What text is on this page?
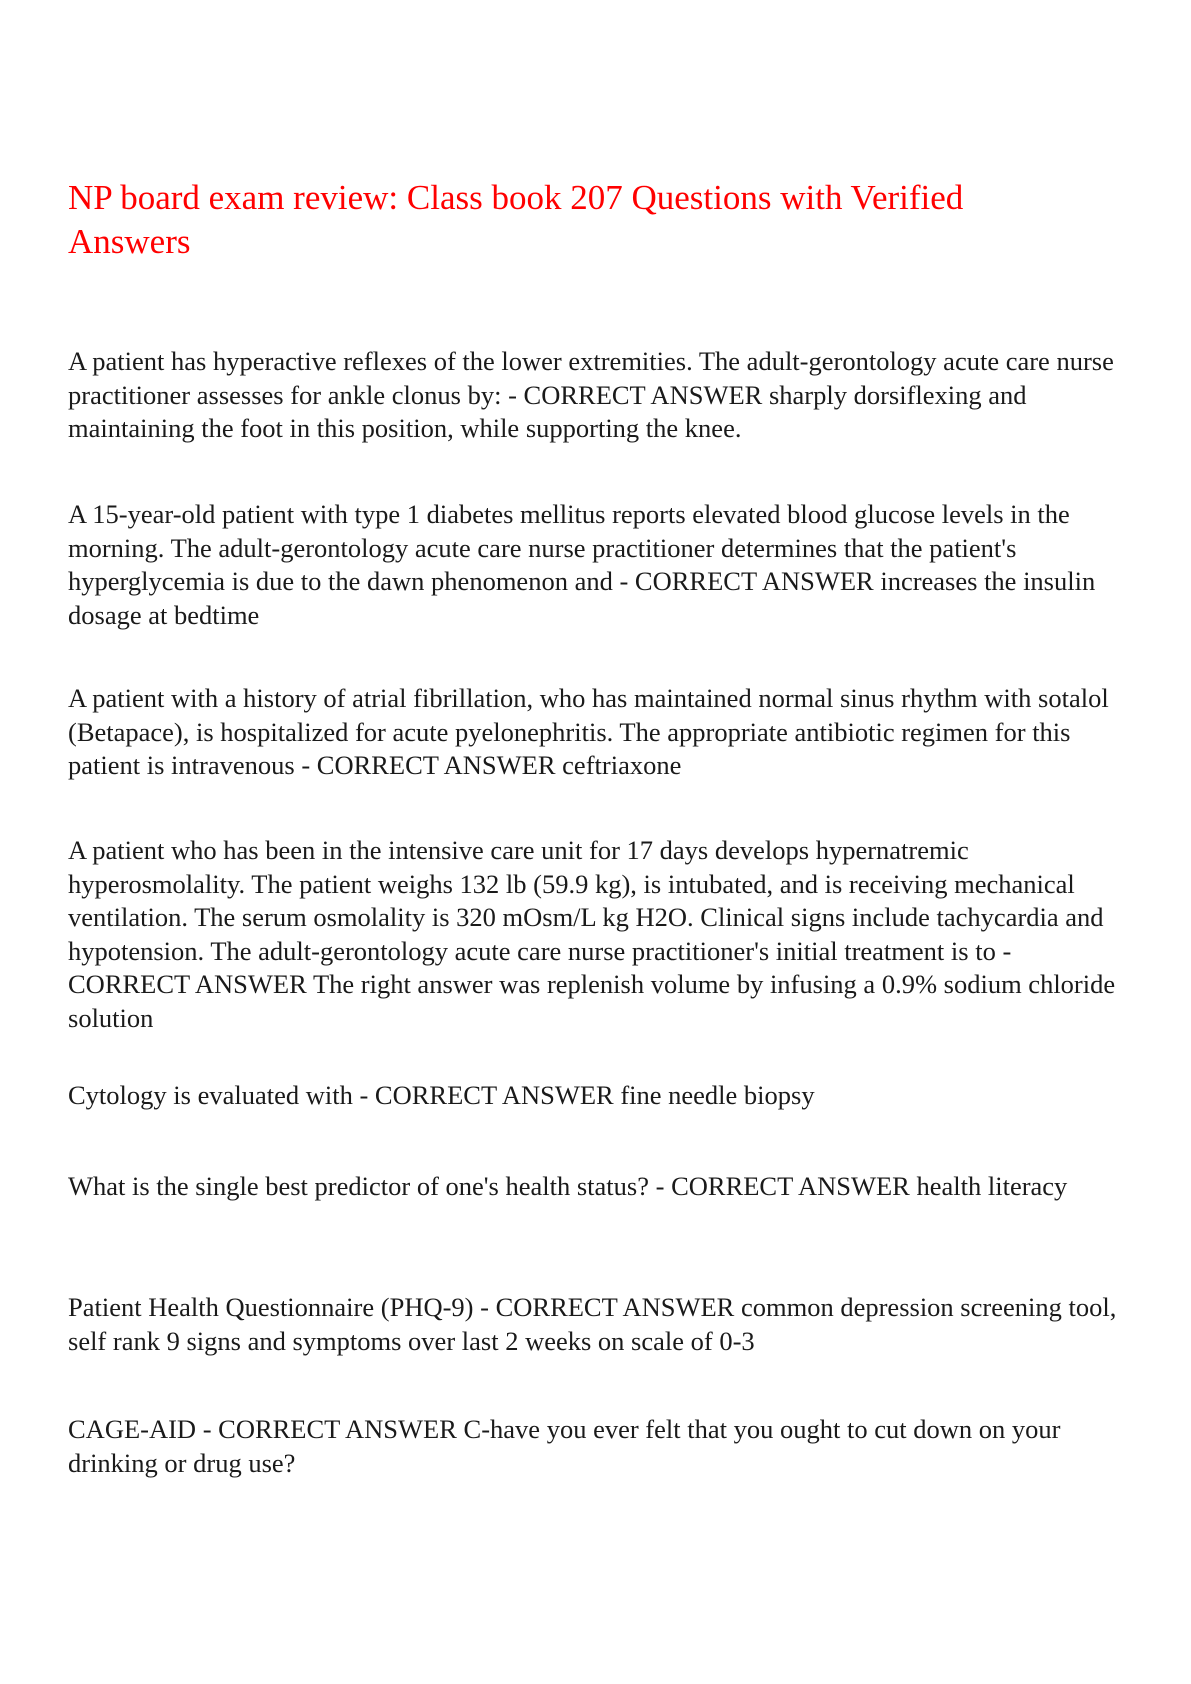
NP board exam review: Class book 207 Questions with Verified Answers

A patient has hyperactive reflexes of the lower extremities. The adult-gerontology acute care nurse practitioner assesses for ankle clonus by: - CORRECT ANSWER sharply dorsiflexing and maintaining the foot in this position, while supporting the knee.

A 15-year-old patient with type 1 diabetes mellitus reports elevated blood glucose levels in the morning. The adult-gerontology acute care nurse practitioner determines that the patient's hyperglycemia is due to the dawn phenomenon and - CORRECT ANSWER increases the insulin dosage at bedtime

A patient with a history of atrial fibrillation, who has maintained normal sinus rhythm with sotalol (Betapace), is hospitalized for acute pyelonephritis. The appropriate antibiotic regimen for this patient is intravenous - CORRECT ANSWER ceftriaxone

A patient who has been in the intensive care unit for 17 days develops hypernatremic hyperosmolality. The patient weighs 132 lb (59.9 kg), is intubated, and is receiving mechanical ventilation. The serum osmolality is 320 mOsm/L kg H2O. Clinical signs include tachycardia and hypotension. The adult-gerontology acute care nurse practitioner's initial treatment is to - CORRECT ANSWER The right answer was replenish volume by infusing a 0.9% sodium chloride solution

Cytology is evaluated with - CORRECT ANSWER fine needle biopsy

What is the single best predictor of one's health status? - CORRECT ANSWER health literacy

Patient Health Questionnaire (PHQ-9) - CORRECT ANSWER common depression screening tool, self rank 9 signs and symptoms over last 2 weeks on scale of 0-3

CAGE-AID - CORRECT ANSWER C-have you ever felt that you ought to cut down on your drinking or drug use?
